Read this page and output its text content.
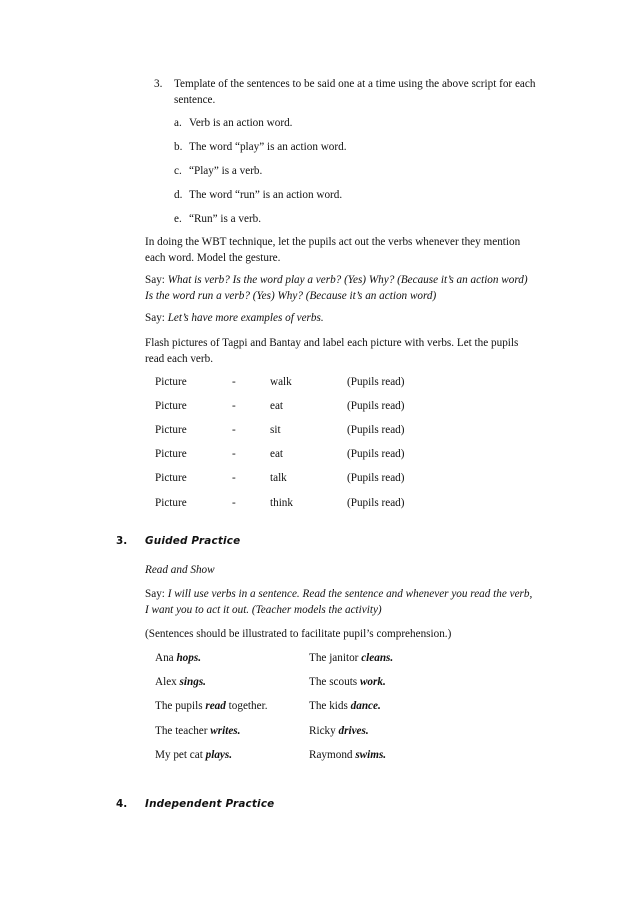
3. Template of the sentences to be said one at a time using the above script for each
sentence.
a. Verb is an action word.
b. The word “play” is an action word.
c. “Play” is a verb.
d. The word “run” is an action word.
e. “Run” is a verb.
In doing the WBT technique, let the pupils act out the verbs whenever they mention
each word. Model the gesture.
Say: What is verb? Is the word play a verb? (Yes) Why? (Because it’s an action word)
Is the word run a verb? (Yes) Why? (Because it’s an action word)
Say: Let’s have more examples of verbs.
Flash pictures of Tagpi and Bantay and label each picture with verbs. Let the pupils
read each verb.
Picture	-	walk	(Pupils read)
Picture	-	eat	(Pupils read)
Picture	-	sit	(Pupils read)
Picture	-	eat	(Pupils read)
Picture	-	talk	(Pupils read)
Picture	-	think	(Pupils read)
3. Guided Practice
Read and Show
Say: I will use verbs in a sentence. Read the sentence and whenever you read the verb,
I want you to act it out. (Teacher models the activity)
(Sentences should be illustrated to facilitate pupil’s comprehension.)
Ana hops.	The janitor cleans.
Alex sings.	The scouts work.
The pupils read together.	The kids dance.
The teacher writes.	Ricky drives.
My pet cat plays.	Raymond swims.
4. Independent Practice
